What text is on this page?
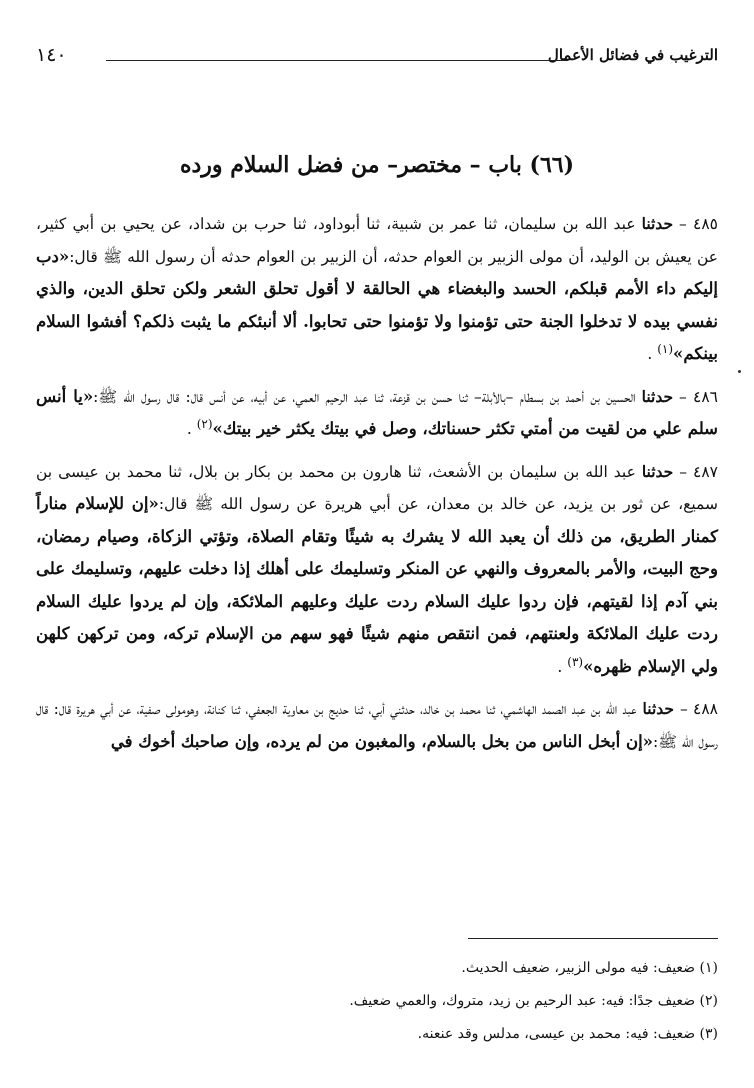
الترغيب في فضائل الأعمال
١٤٠
(٦٦) باب – مختصر– من فضل السلام ورده

٤٨٥ –حدثناعبد الله بن سليمان، ثنا عمر بن شبية، ثنا أبوداود، ثنا حرب بن شداد، عن يحيي بن أبي كثير، عن يعيش بن الوليد، أن مولى الزبير بن العوام حدثه، أن الزبير بن العوام حدثه أن رسول الله ﷺ قال:«دب إليكم داء الأمم قبلكم، الحسد والبغضاء هي الحالقة لا أقول تحلق الشعر ولكن تحلق الدين، والذي نفسي بيده لا تدخلوا الجنة حتى تؤمنوا ولا تؤمنوا حتى تحابوا. ألا أنبئكم ما يثبت ذلكم؟ أفشوا السلام بينكم»$^{(١)}$ .

٤٨٦ –حدثناالحسين بن أحمد بن بسطام –بالأبلة– ثنا حسن بن قزعة، ثنا عبد الرحيم العمي، عن أبيه، عن أنس قال: قال رسول الله ﷺ:«يا أنس سلم علي من لقيت من أمتي تكثر حسناتك، وصل في بيتك يكثر خير بيتك»$^{(٢)}$ .

٤٨٧ –حدثناعبد الله بن سليمان بن الأشعث، ثنا هارون بن محمد بن بكار بن بلال، ثنا محمد بن عيسى بن سميع، عن ثور بن يزيد، عن خالد بن معدان، عن أبي هريرة عن رسول الله ﷺ قال:«إن للإسلام مناراً كمنار الطريق، من ذلك أن يعبد الله لا يشرك به شيئًا وتقام الصلاة، وتؤتي الزكاة، وصيام رمضان، وحج البيت، والأمر بالمعروف والنهي عن المنكر وتسليمك على أهلك إذا دخلت عليهم، وتسليمك على بني آدم إذا لقيتهم، فإن ردوا عليك السلام ردت عليك وعليهم الملائكة، وإن لم يردوا عليك السلام ردت عليك الملائكة ولعنتهم، فمن انتقص منهم شيئًا فهو سهم من الإسلام تركه، ومن تركهن كلهن ولي الإسلام ظهره»$^{(٣)}$ .

٤٨٨ –حدثناعبد الله بن عبد الصمد الهاشمي، ثنا محمد بن خالد، حدثني أبي، ثنا حديج بن معاوية الجعفي، ثنا كنانة، وهومولى صفية، عن أبي هريرة قال: قال رسول الله ﷺ:«إن أبخل الناس من بخل بالسلام، والمغبون من لم يرده، وإن صاحبك أخوك في

(١) ضعيف: فيه مولى الزبير، ضعيف الحديث.
(٢) ضعيف جدًا: فيه: عبد الرحيم بن زيد، متروك، والعمي ضعيف.
(٣) ضعيف: فيه: محمد بن عيسى، مدلس وقد عنعنه.
